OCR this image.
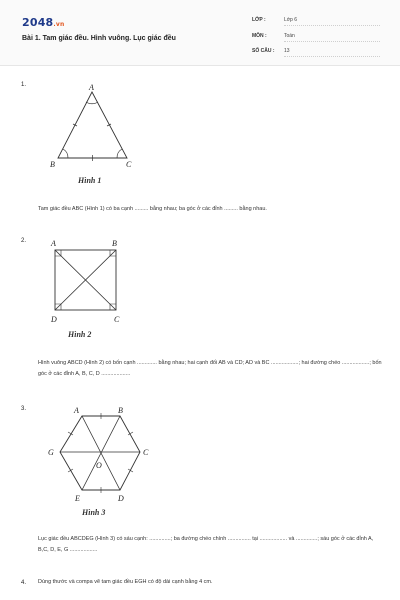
2048.vn
Bài 1. Tam giác đều. Hình vuông. Lục giác đều
LỚP :	Lớp 6
MÔN :	Toán
SỐ CÂU : 13
1.	A
B	C
Hình 1
Tam giác đều ABC (Hình 1) có ba cạnh ......... bằng nhau; ba góc ở các đỉnh ......... bằng nhau.
2.	A	B
C
D
Hình 2
Hình vuông ABCD (Hình 2) có bốn cạnh ............. bằng nhau; hai cạnh đối AB và CD; AD và BC ..................; hai đường chéo ..................; bốn góc ở các đỉnh A, B, C, D ...................
3.	A	B
C
D
E
G
O
Hình 3
Lục giác đều ABCDEG (Hình 3) có sáu cạnh: ..............; ba đường chéo chính ............... tại .................. và ..............; sáu góc ở các đỉnh A, B,C, D, E, G ..................
4. Dùng thước và compa vẽ tam giác đều EGH có độ dài cạnh bằng 4 cm.
